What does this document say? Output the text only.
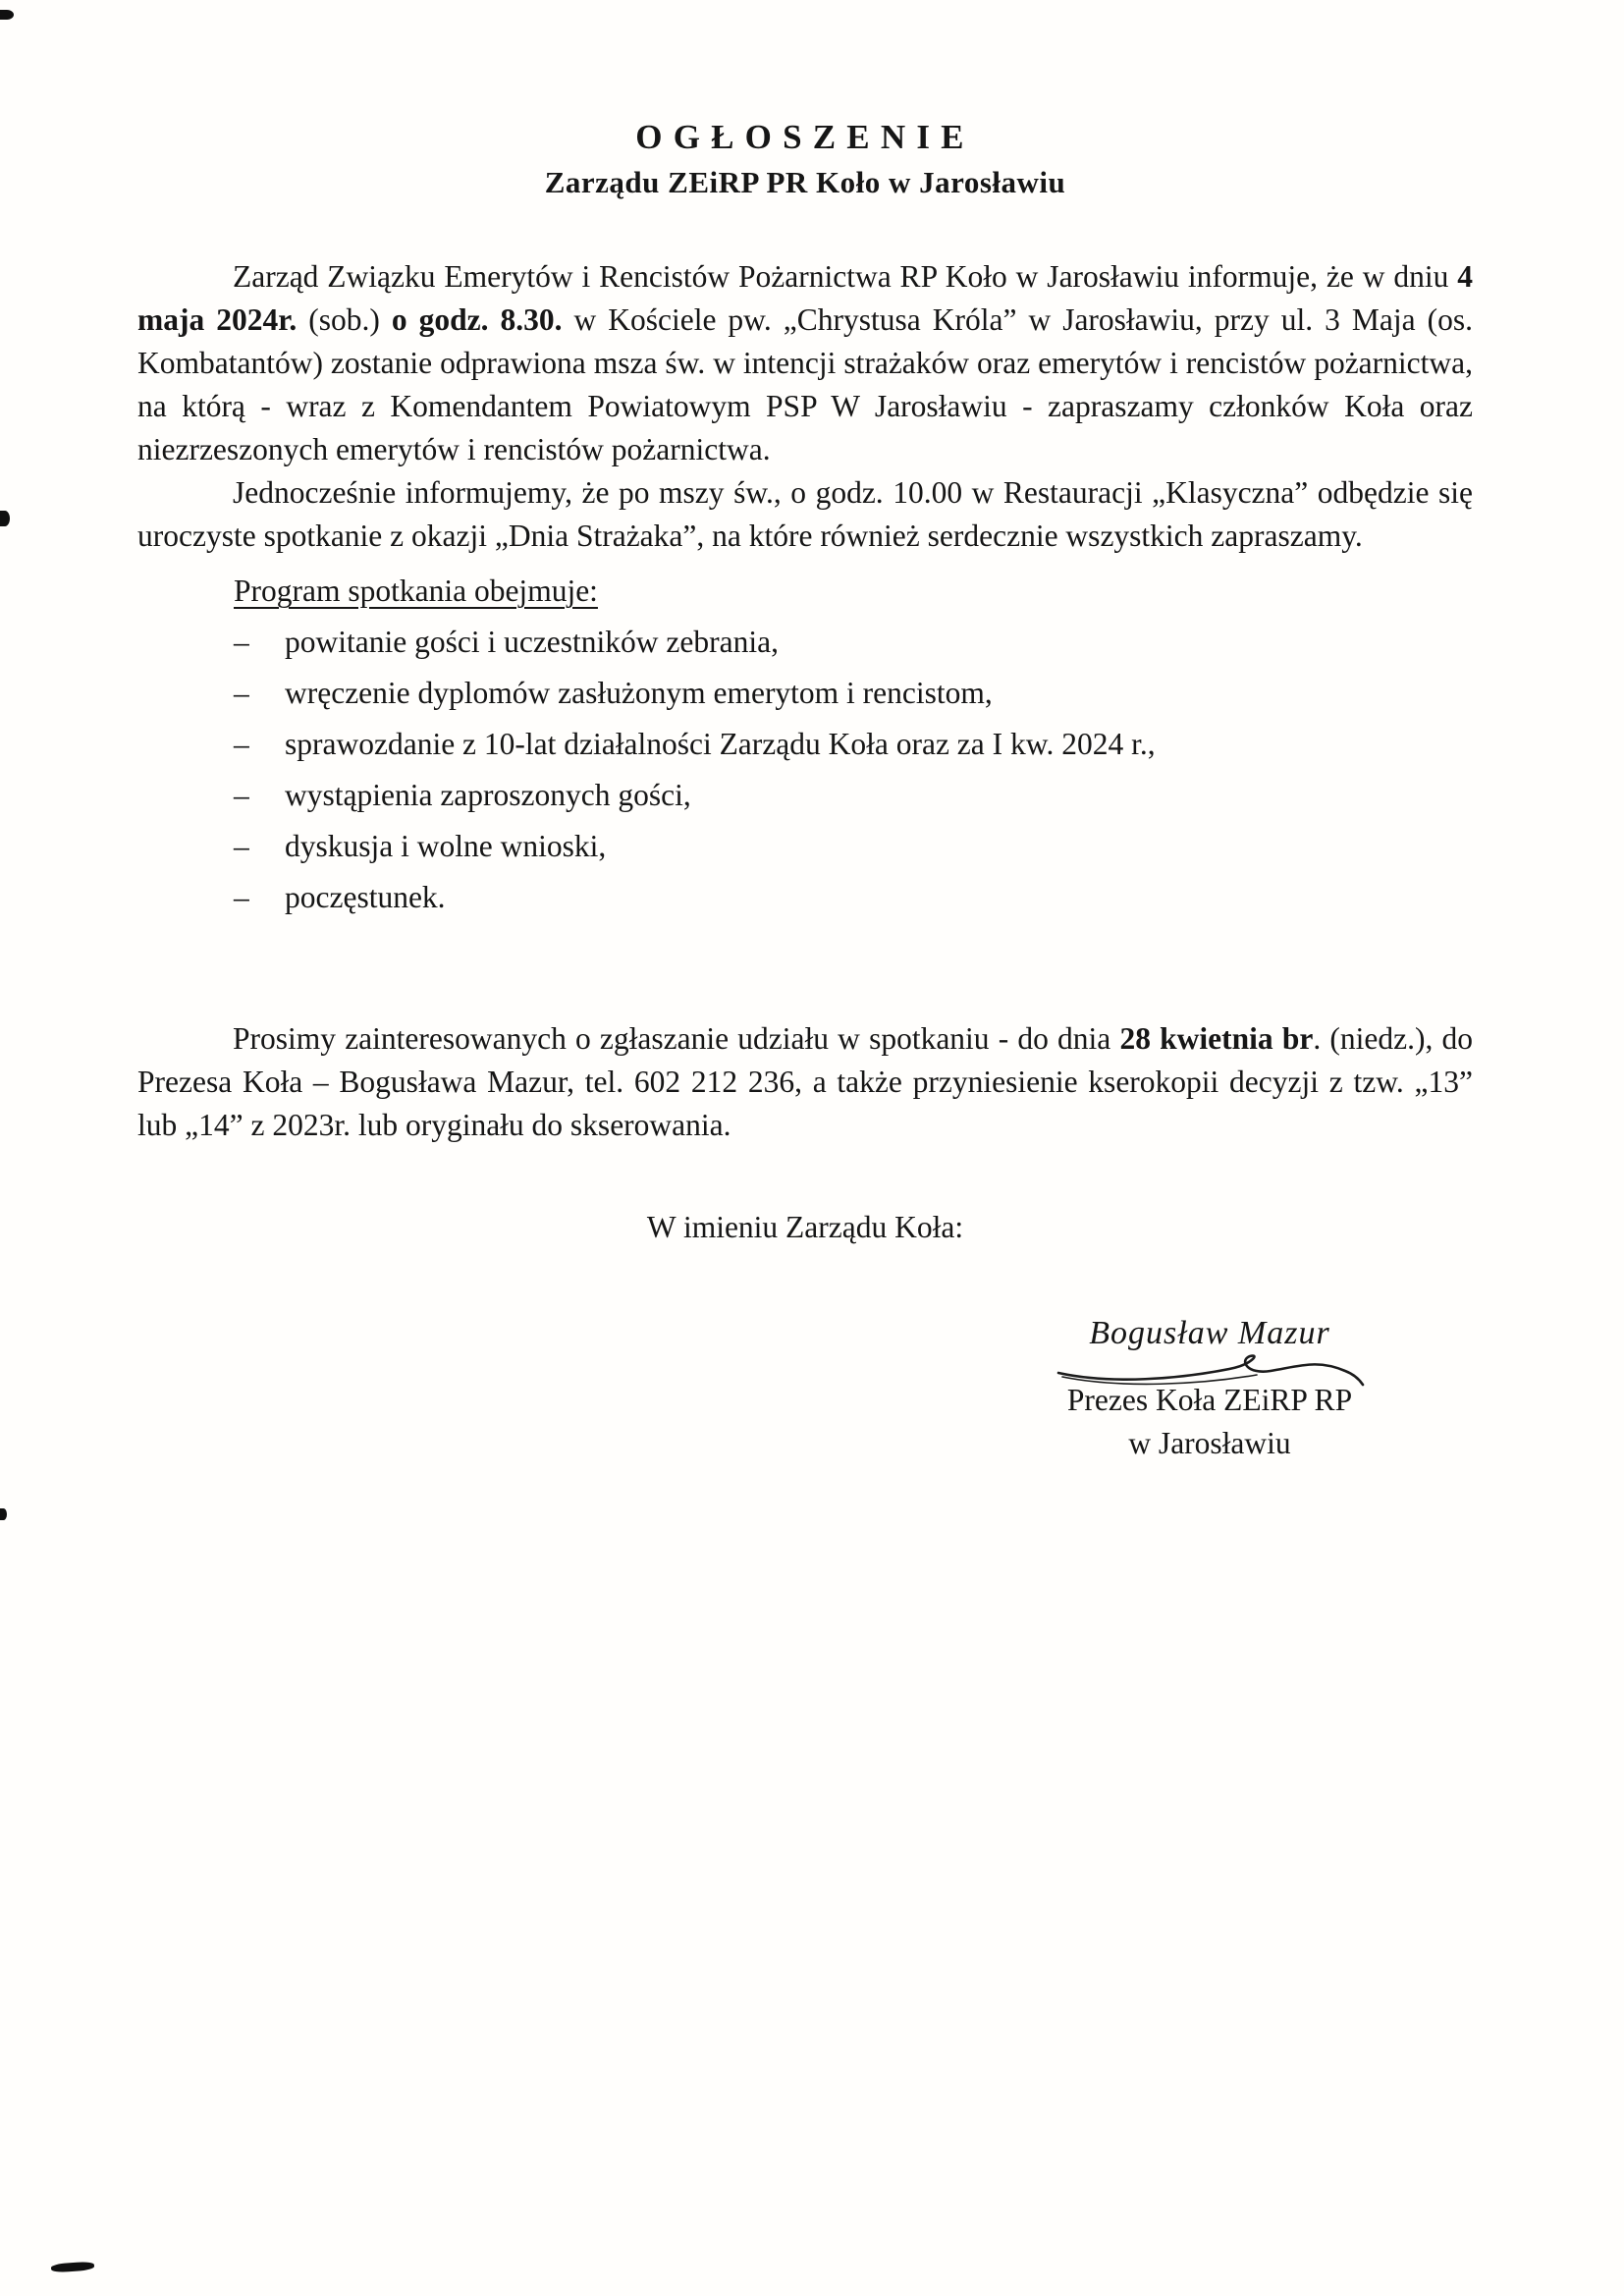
OGŁOSZENIE
Zarządu ZEiRP PR Koło w Jarosławiu

Zarząd Związku Emerytów i Rencistów Pożarnictwa RP Koło w Jarosławiu informuje, że w dniu 4 maja 2024r. (sob.) o godz. 8.30. w Kościele pw. „Chrystusa Króla” w Jarosławiu, przy ul. 3 Maja (os. Kombatantów) zostanie odprawiona msza św. w intencji strażaków oraz emerytów i rencistów pożarnictwa, na którą - wraz z Komendantem Powiatowym PSP W Jarosławiu - zapraszamy członków Koła oraz niezrzeszonych emerytów i rencistów pożarnictwa.

Jednocześnie informujemy, że po mszy św., o godz. 10.00 w Restauracji „Klasyczna” odbędzie się uroczyste spotkanie z okazji „Dnia Strażaka”, na które również serdecznie wszystkich zapraszamy.

Program spotkania obejmuje:

–	powitanie gości i uczestników zebrania,
–	wręczenie dyplomów zasłużonym emerytom i rencistom,
–	sprawozdanie z 10-lat działalności Zarządu Koła oraz za I kw. 2024 r.,
–	wystąpienia zaproszonych gości,
–	dyskusja i wolne wnioski,
–	poczęstunek.

Prosimy zainteresowanych o zgłaszanie udziału w spotkaniu - do dnia 28 kwietnia br. (niedz.), do Prezesa Koła – Bogusława Mazur, tel. 602 212 236, a także przyniesienie kserokopii decyzji z tzw. „13” lub „14” z 2023r. lub oryginału do skserowania.

W imieniu Zarządu Koła:

Bogusław Mazur
Prezes Koła ZEiRP RP
w Jarosławiu
